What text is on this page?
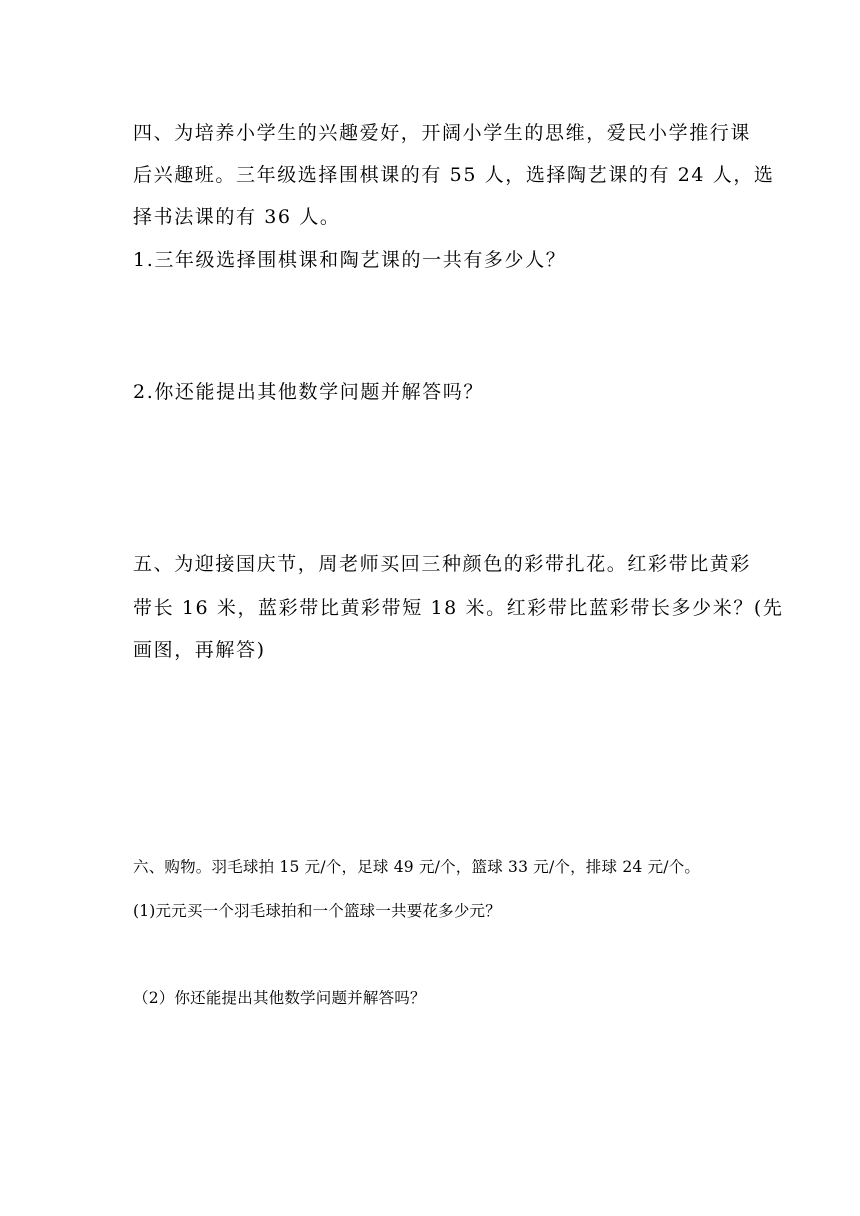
四、为培养小学生的兴趣爱好，开阔小学生的思维，爱民小学推行课
后兴趣班。三年级选择围棋课的有 55 人，选择陶艺课的有 24 人，选
择书法课的有 36 人。
1.三年级选择围棋课和陶艺课的一共有多少人？
2.你还能提出其他数学问题并解答吗？
五、为迎接国庆节，周老师买回三种颜色的彩带扎花。红彩带比黄彩
带长 16 米，蓝彩带比黄彩带短 18 米。红彩带比蓝彩带长多少米？(先
画图，再解答)
六、购物。羽毛球拍 15 元/个，足球 49 元/个，篮球 33 元/个，排球 24 元/个。
(1)元元买一个羽毛球拍和一个篮球一共要花多少元？
（2）你还能提出其他数学问题并解答吗？
